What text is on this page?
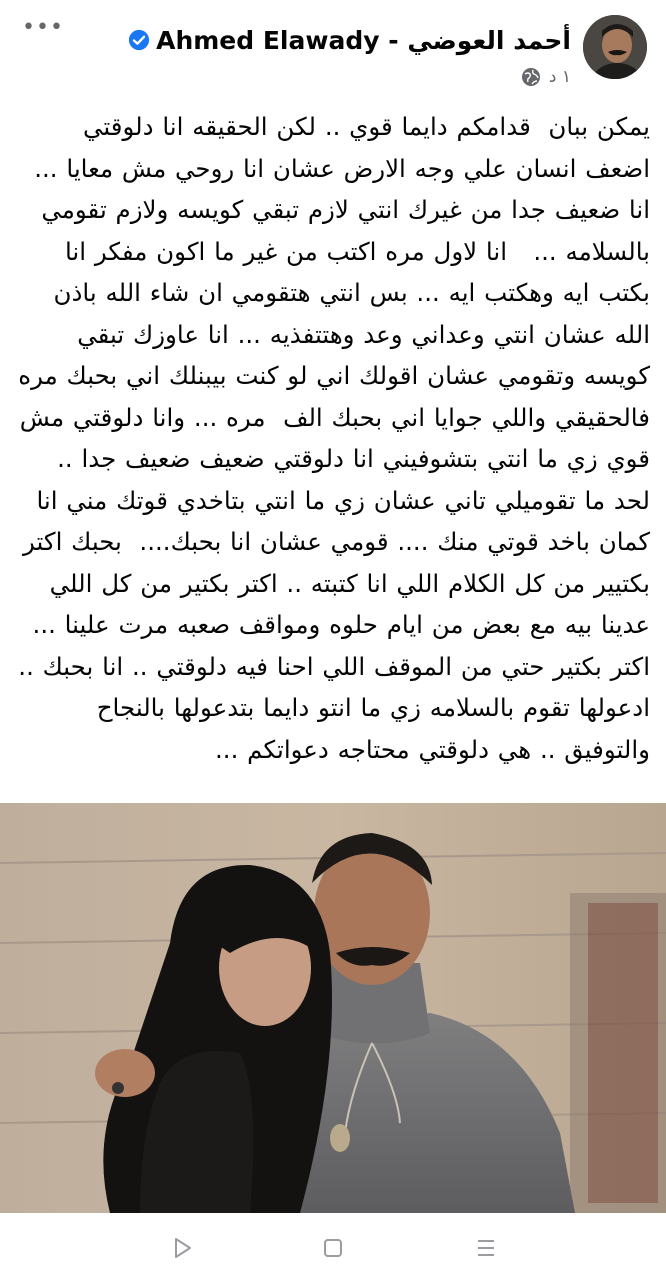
•••	Ahmed Elawady - أحمد العوضي
١ د
يمكن ببان  قدامكم دايما قوي .. لكن الحقيقه انا دلوقتي اضعف انسان علي وجه الارض عشان انا روحي مش معايا ... انا ضعيف جدا من غيرك انتي لازم تبقي كويسه ولازم تقومي بالسلامه ...   انا لاول مره اكتب من غير ما اكون مفكر انا بكتب ايه وهكتب ايه ... بس انتي هتقومي ان شاء الله باذن الله عشان انتي وعداني وعد وهتتفذيه ... انا عاوزك تبقي كويسه وتقومي عشان اقولك اني لو كنت بيبنلك اني بحبك مره فالحقيقي واللي جوايا اني بحبك الف  مره ... وانا دلوقتي مش قوي زي ما انتي بتشوفيني انا دلوقتي ضعيف ضعيف جدا .. لحد ما تقوميلي تاني عشان زي ما انتي بتاخدي قوتك مني انا كمان باخد قوتي منك .... قومي عشان انا بحبك....  بحبك اكتر بكتيير من كل الكلام اللي انا كتبته .. اكتر بكتير من كل اللي عدينا بيه مع بعض من ايام حلوه ومواقف صعبه مرت علينا ... اكتر بكتير حتي من الموقف اللي احنا فيه دلوقتي .. انا بحبك ..
ادعولها تقوم بالسلامه زي ما انتو دايما بتدعولها بالنجاح والتوفيق .. هي دلوقتي محتاجه دعواتكم ...
